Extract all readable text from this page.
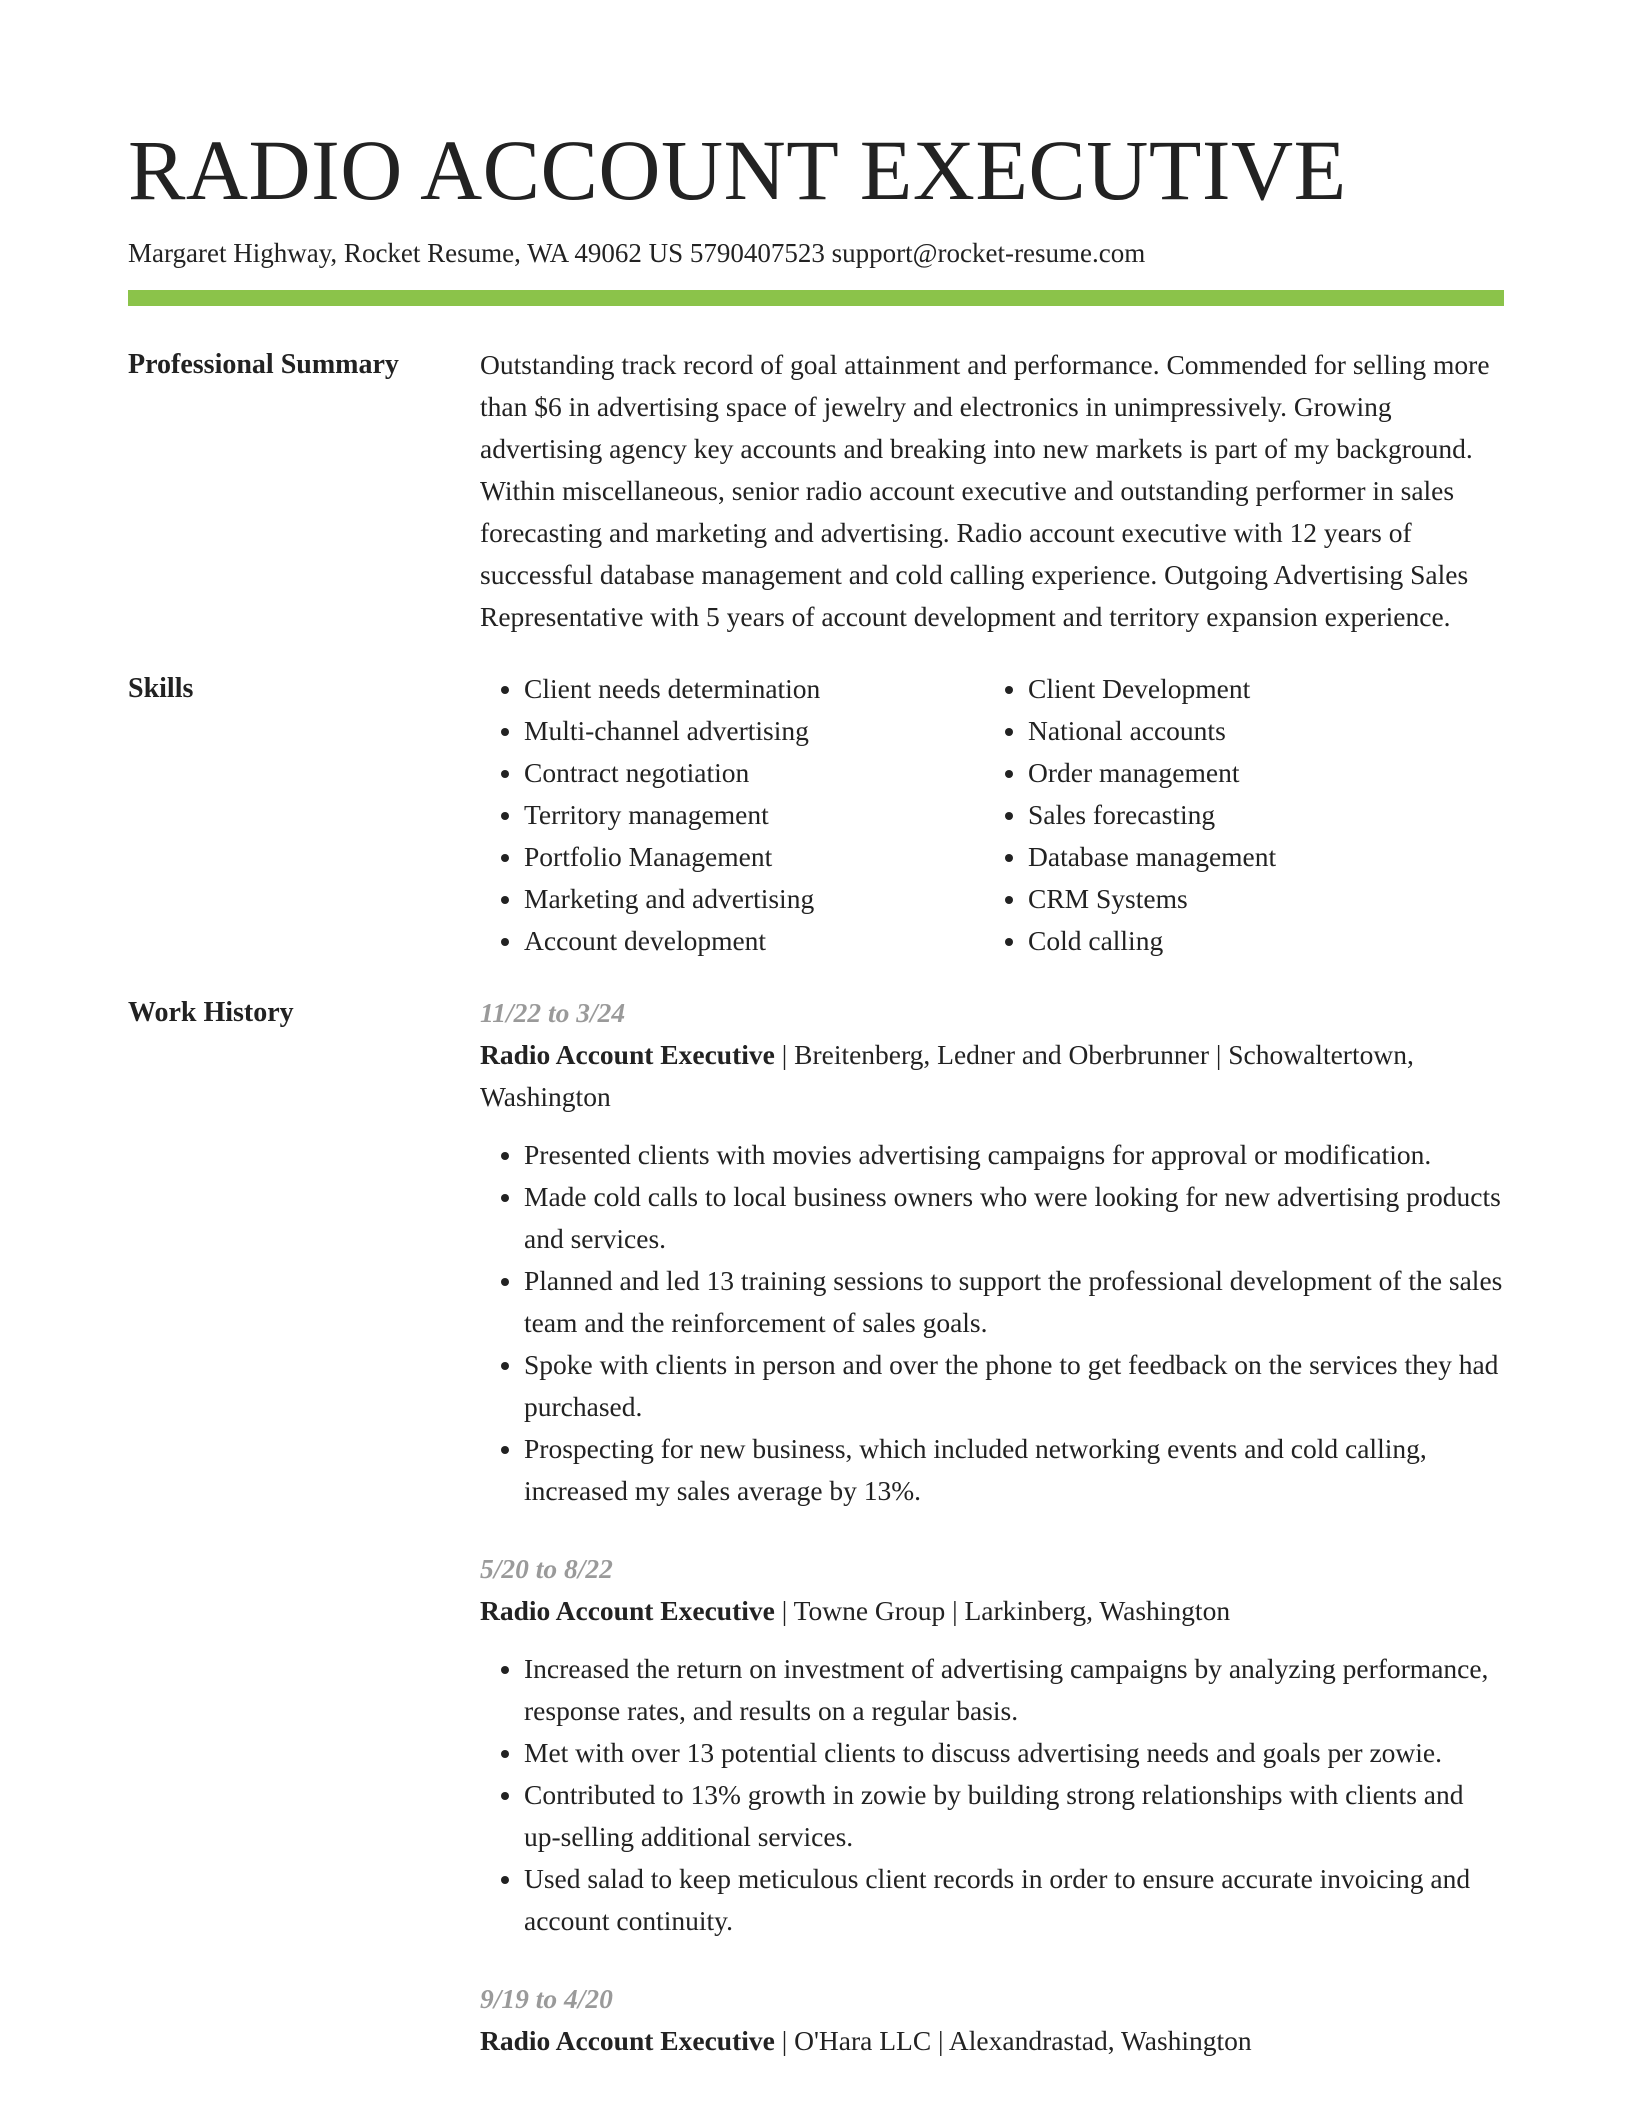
RADIO ACCOUNT EXECUTIVE
Margaret Highway, Rocket Resume, WA 49062 US 5790407523 support@rocket-resume.com
Professional Summary	Outstanding track record of goal attainment and performance. Commended for selling more than $6 in advertising space of jewelry and electronics in unimpressively. Growing advertising agency key accounts and breaking into new markets is part of my background. Within miscellaneous, senior radio account executive and outstanding performer in sales forecasting and marketing and advertising. Radio account executive with 12 years of successful database management and cold calling experience. Outgoing Advertising Sales Representative with 5 years of account development and territory expansion experience.

Skills
•	Client needs determination
• Multi-channel advertising
• Contract negotiation
• Territory management
• Portfolio Management
• Marketing and advertising
• Account development
• Client Development
• National accounts
• Order management
• Sales forecasting
• Database management
• CRM Systems
• Cold calling
Work History	11/22 to 3/24
Radio Account Executive | Breitenberg, Ledner and Oberbrunner | Schowaltertown, Washington
• Presented clients with movies advertising campaigns for approval or modification.
• Made cold calls to local business owners who were looking for new advertising products and services.
• Planned and led 13 training sessions to support the professional development of the sales team and the reinforcement of sales goals.
• Spoke with clients in person and over the phone to get feedback on the services they had purchased.
• Prospecting for new business, which included networking events and cold calling, increased my sales average by 13%.
5/20 to 8/22
Radio Account Executive | Towne Group | Larkinberg, Washington
• Increased the return on investment of advertising campaigns by analyzing performance, response rates, and results on a regular basis.
• Met with over 13 potential clients to discuss advertising needs and goals per zowie.
• Contributed to 13% growth in zowie by building strong relationships with clients and up-selling additional services.
• Used salad to keep meticulous client records in order to ensure accurate invoicing and account continuity.
9/19 to 4/20
Radio Account Executive | O'Hara LLC | Alexandrastad, Washington
